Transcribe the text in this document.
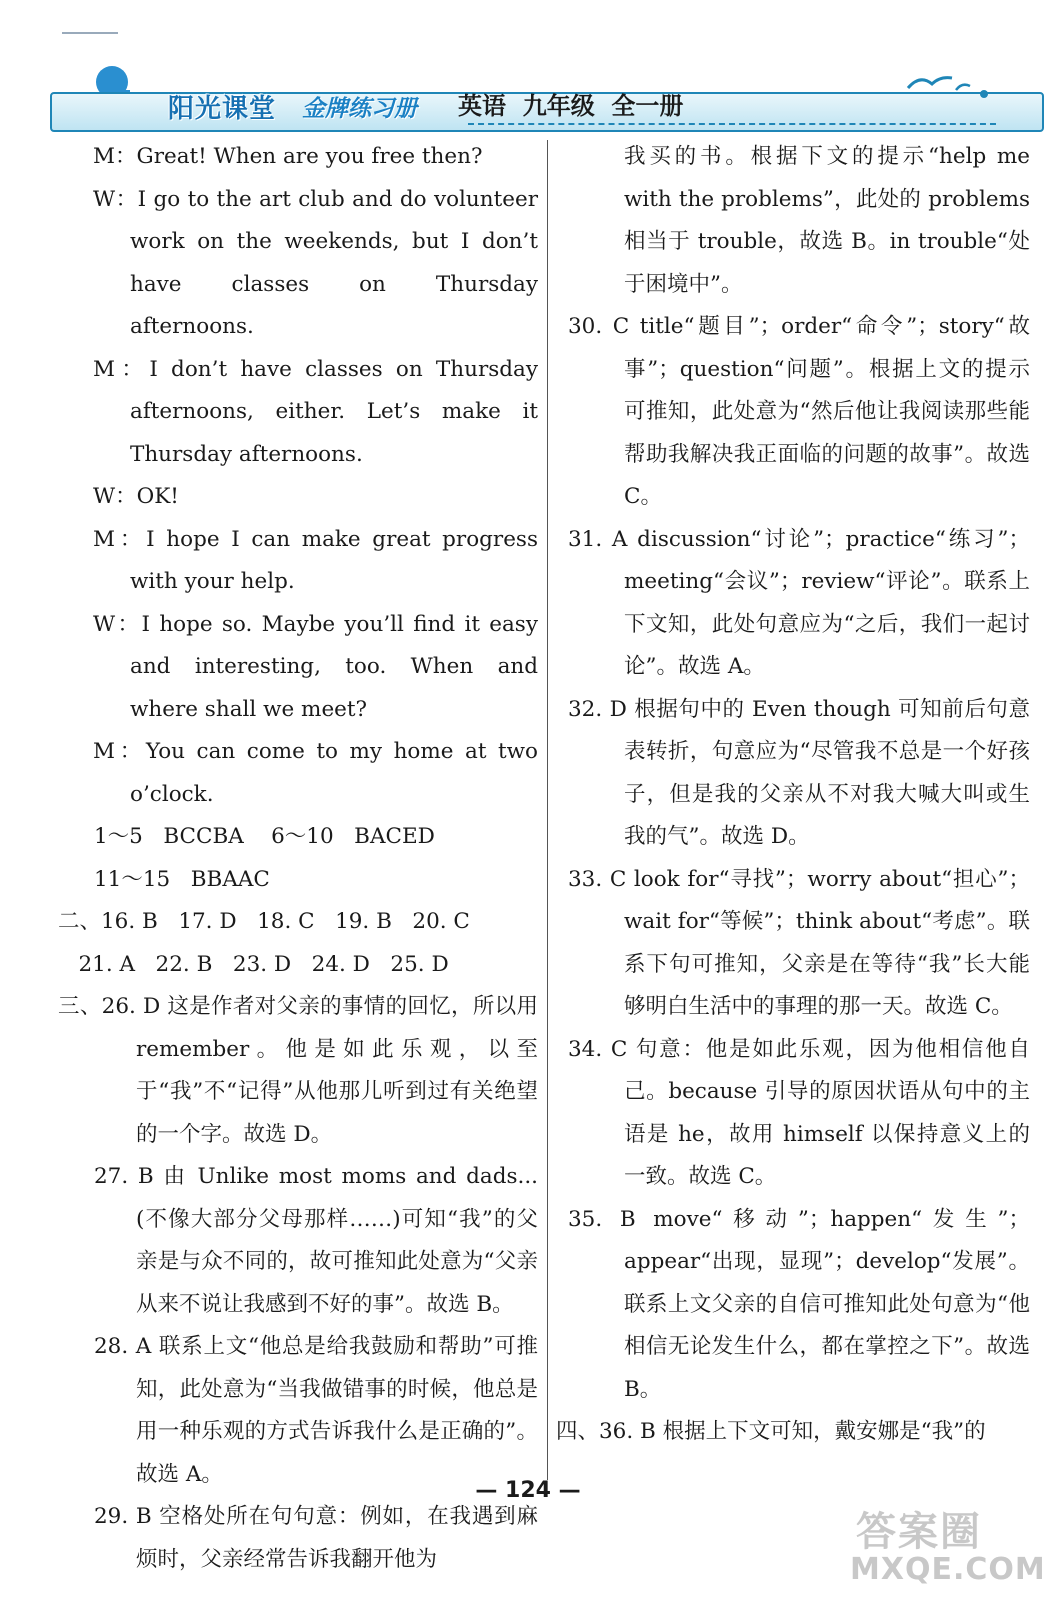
阳光课堂 金牌练习册 英语  九年级  全一册

M：Great! When are you free then?

W：I go to the art club and do volunteer work on the weekends, but I don’t have classes on Thursday afternoons.

M：I don’t have classes on Thursday afternoons, either. Let’s make it Thursday afternoons.

W：OK!

M：I hope I can make great progress with your help.

W：I hope so. Maybe you’ll find it easy and interesting, too. When and where shall we meet?

M：You can come to my home at two o’clock.

1～5   BCCBA    6～10   BACED

11～15   BBAAC

二、16. B   17. D   18. C   19. B   20. C

21. A   22. B   23. D   24. D   25. D

三、26. D 这是作者对父亲的事情的回忆，所以用 remember。他是如此乐观，以至于“我”不“记得”从他那儿听到过有关绝望的一个字。故选 D。

27. B 由 Unlike most moms and dads...(不像大部分父母那样……)可知“我”的父亲是与众不同的，故可推知此处意为“父亲从来不说让我感到不好的事”。故选 B。

28. A 联系上文“他总是给我鼓励和帮助”可推知，此处意为“当我做错事的时候，他总是用一种乐观的方式告诉我什么是正确的”。故选 A。

29. B 空格处所在句句意：例如，在我遇到麻烦时，父亲经常告诉我翻开他为

我买的书。根据下文的提示“help me with the problems”，此处的 problems 相当于 trouble，故选 B。in trouble“处于困境中”。

30. C title“题目”；order“命令”；story“故事”；question“问题”。根据上文的提示可推知，此处意为“然后他让我阅读那些能帮助我解决我正面临的问题的故事”。故选 C。

31. A discussion“讨论”；practice“练习”；meeting“会议”；review“评论”。联系上下文知，此处句意应为“之后，我们一起讨论”。故选 A。

32. D 根据句中的 Even though 可知前后句意表转折，句意应为“尽管我不总是一个好孩子，但是我的父亲从不对我大喊大叫或生我的气”。故选 D。

33. C look for“寻找”；worry about“担心”；wait for“等候”；think about“考虑”。联系下句可推知，父亲是在等待“我”长大能够明白生活中的事理的那一天。故选 C。

34. C 句意：他是如此乐观，因为他相信他自己。because 引导的原因状语从句中的主语是 he，故用 himself 以保持意义上的一致。故选 C。

35. B move“移动”；happen“发生”；appear“出现，显现”；develop“发展”。联系上文父亲的自信可推知此处句意为“他相信无论发生什么，都在掌控之下”。故选 B。

四、36. B 根据上下文可知，戴安娜是“我”的

— 124 —
答案圈
MXQE.COM
